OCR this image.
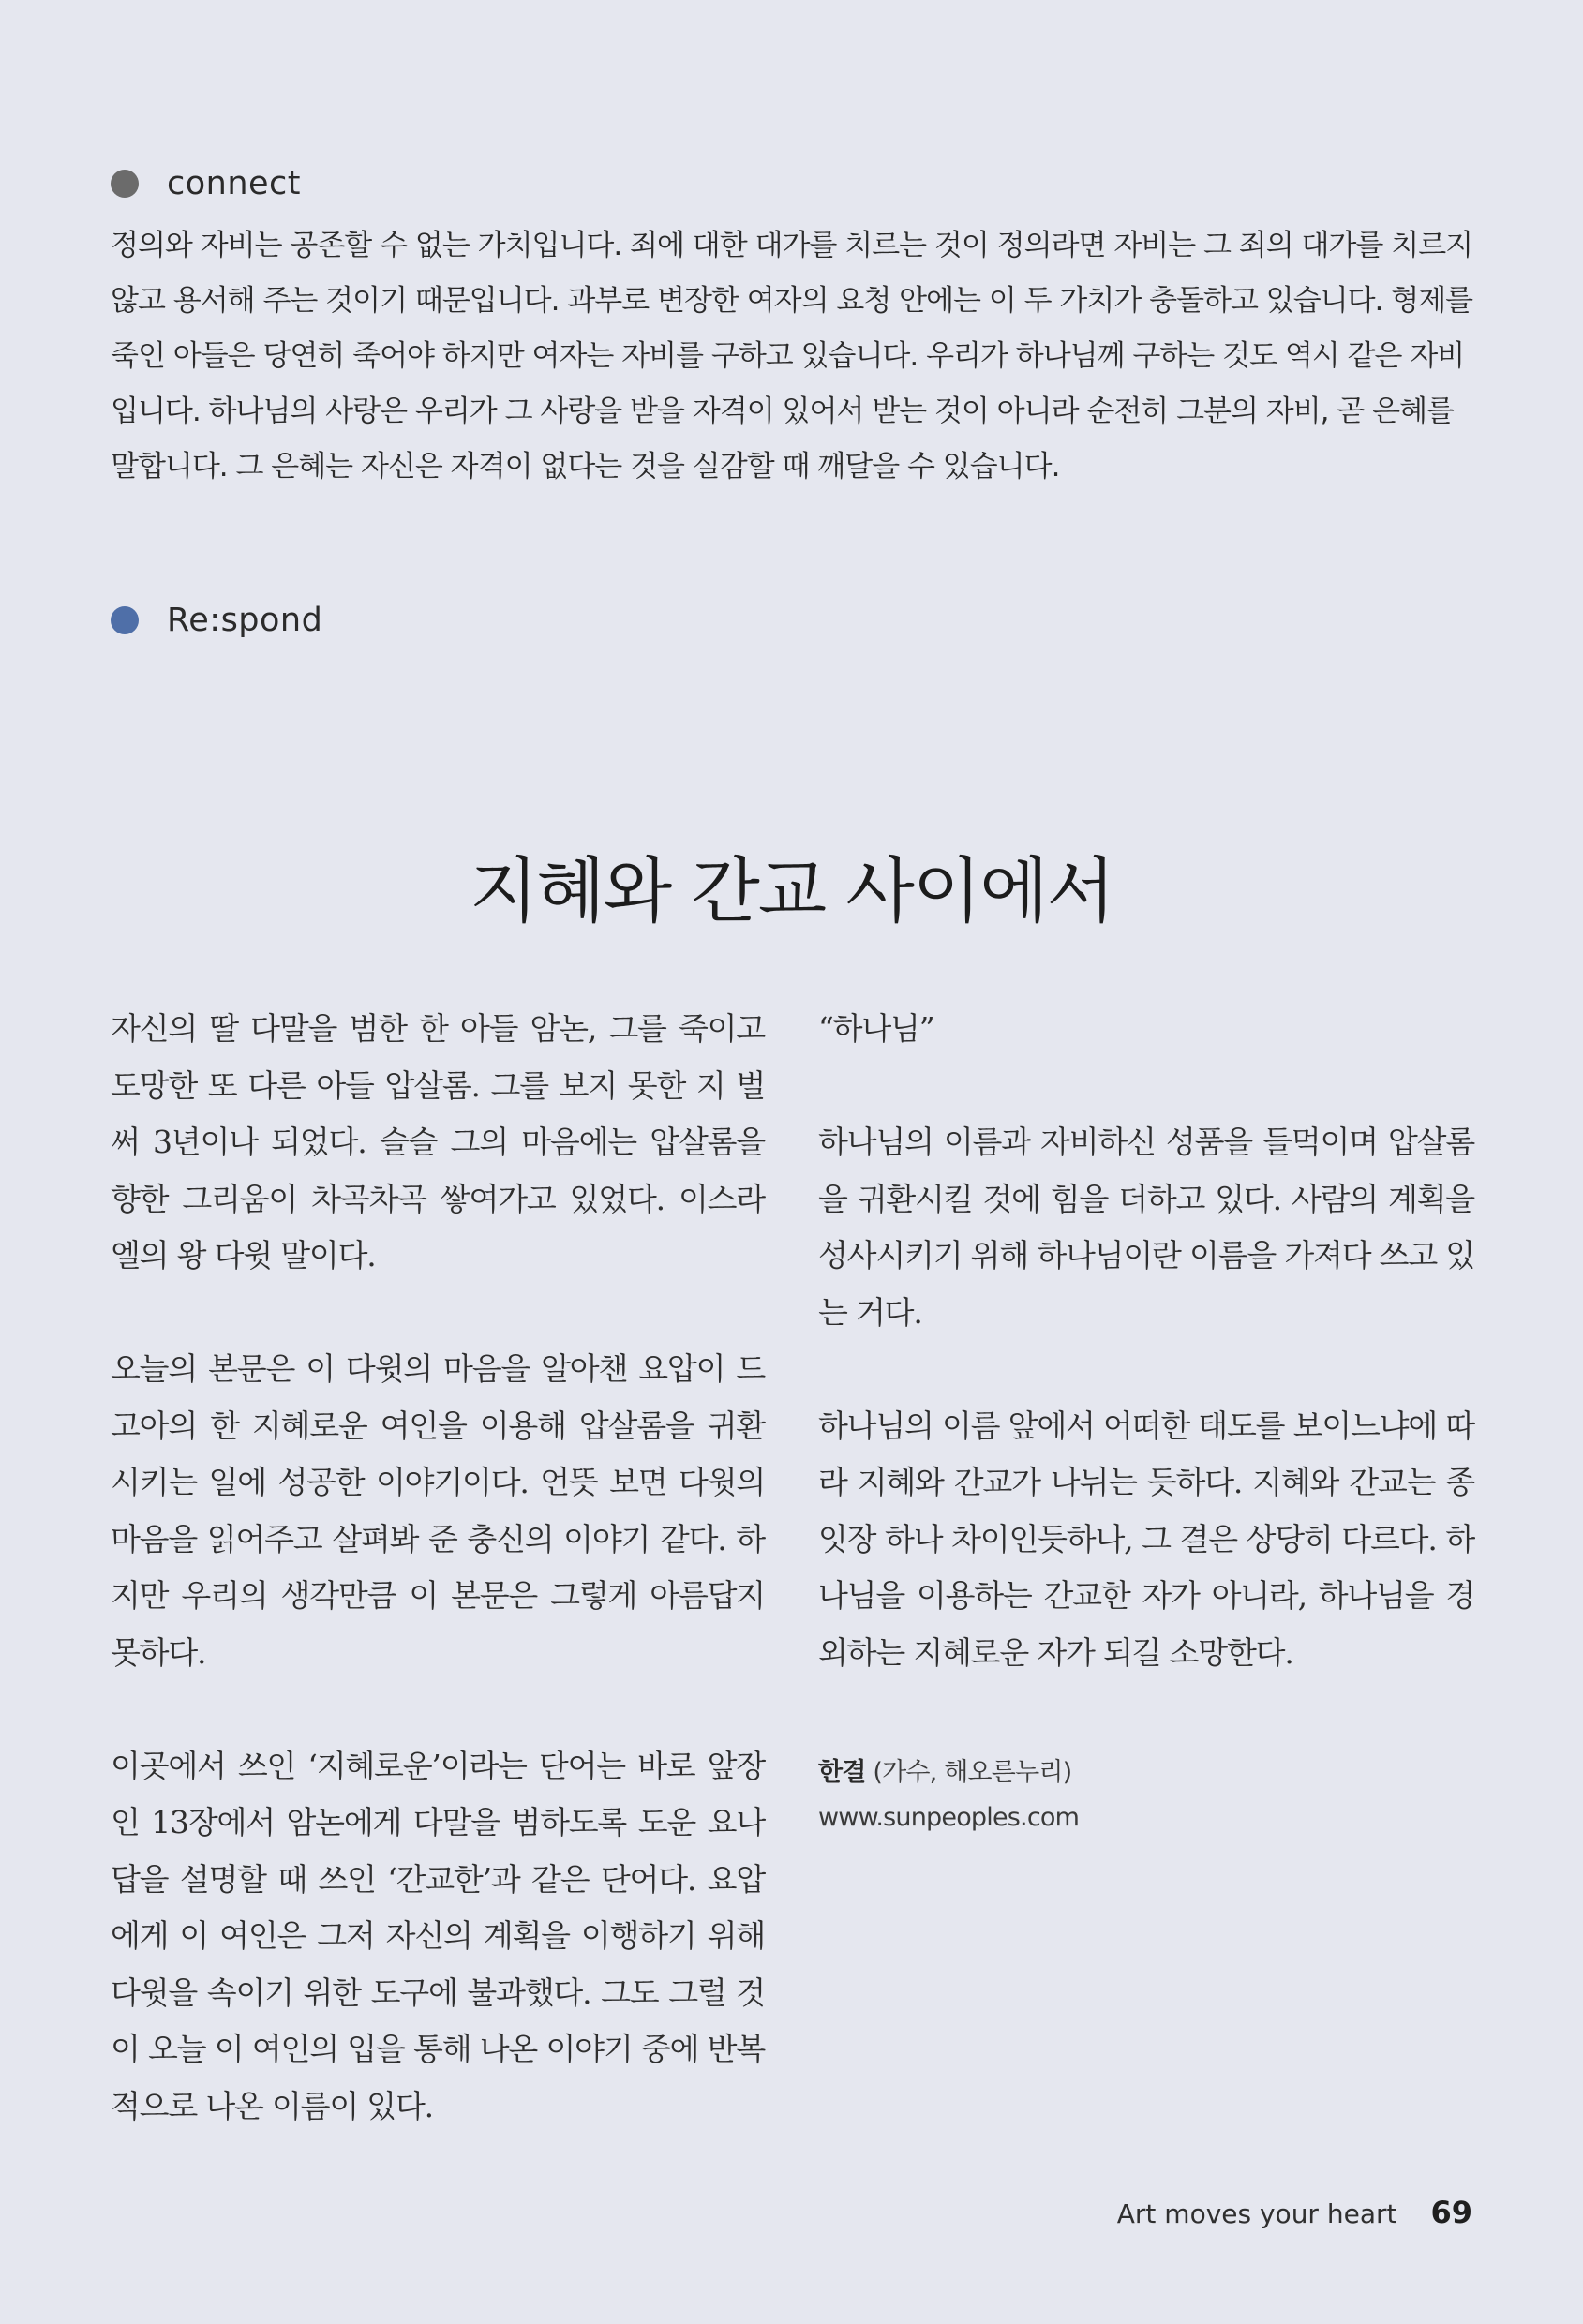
connect

정의와 자비는 공존할 수 없는 가치입니다. 죄에 대한 대가를 치르는 것이 정의라면 자비는 그 죄의 대가를 치르지 않고 용서해 주는 것이기 때문입니다. 과부로 변장한 여자의 요청 안에는 이 두 가치가 충돌하고 있습니다. 형제를 죽인 아들은 당연히 죽어야 하지만 여자는 자비를 구하고 있습니다. 우리가 하나님께 구하는 것도 역시 같은 자비입니다. 하나님의 사랑은 우리가 그 사랑을 받을 자격이 있어서 받는 것이 아니라 순전히 그분의 자비, 곧 은혜를 말합니다. 그 은혜는 자신은 자격이 없다는 것을 실감할 때 깨달을 수 있습니다.

Re:spond
지혜와 간교 사이에서

자신의 딸 다말을 범한 한 아들 암논, 그를 죽이고 도망한 또 다른 아들 압살롬. 그를 보지 못한 지 벌써 3년이나 되었다. 슬슬 그의 마음에는 압살롬을 향한 그리움이 차곡차곡 쌓여가고 있었다. 이스라엘의 왕 다윗 말이다.

오늘의 본문은 이 다윗의 마음을 알아챈 요압이 드고아의 한 지혜로운 여인을 이용해 압살롬을 귀환시키는 일에 성공한 이야기이다. 언뜻 보면 다윗의 마음을 읽어주고 살펴봐 준 충신의 이야기 같다. 하지만 우리의 생각만큼 이 본문은 그렇게 아름답지 못하다.

이곳에서 쓰인 ‘지혜로운’이라는 단어는 바로 앞장인 13장에서 암논에게 다말을 범하도록 도운 요나답을 설명할 때 쓰인 ‘간교한’과 같은 단어다. 요압에게 이 여인은 그저 자신의 계획을 이행하기 위해 다윗을 속이기 위한 도구에 불과했다. 그도 그럴 것이 오늘 이 여인의 입을 통해 나온 이야기 중에 반복적으로 나온 이름이 있다.

“하나님”

하나님의 이름과 자비하신 성품을 들먹이며 압살롬을 귀환시킬 것에 힘을 더하고 있다. 사람의 계획을 성사시키기 위해 하나님이란 이름을 가져다 쓰고 있는 거다.

하나님의 이름 앞에서 어떠한 태도를 보이느냐에 따라 지혜와 간교가 나뉘는 듯하다. 지혜와 간교는 종잇장 하나 차이인듯하나, 그 결은 상당히 다르다. 하나님을 이용하는 간교한 자가 아니라, 하나님을 경외하는 지혜로운 자가 되길 소망한다.

한결 (가수, 해오른누리)
www.sunpeoples.com
Art moves your heart 69
